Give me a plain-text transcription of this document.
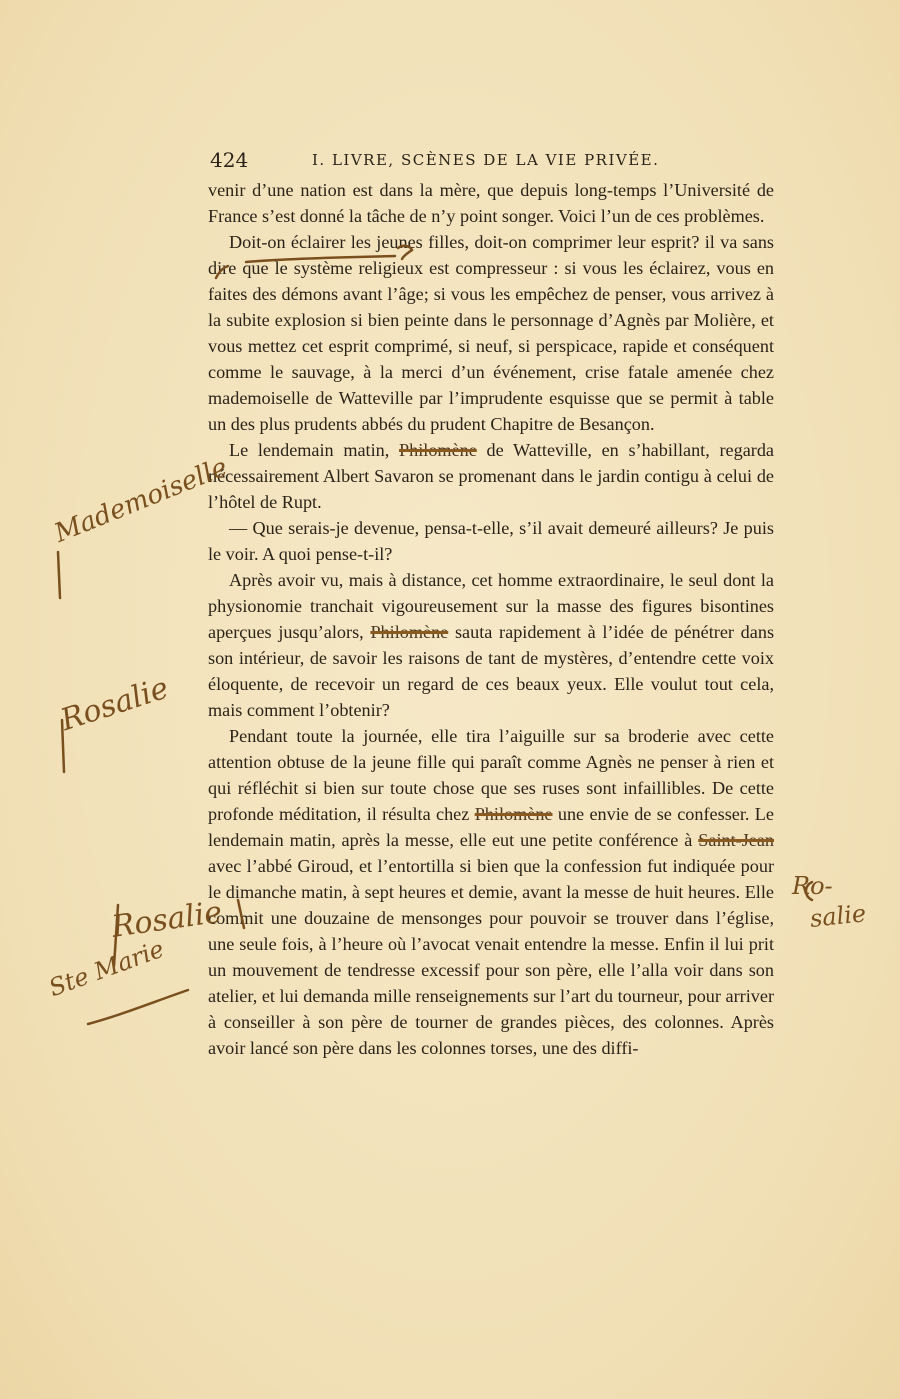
424	I. LIVRE, SCÈNES DE LA VIE PRIVÉE.

venir d’une nation est dans la mère, que depuis long-temps l’Université de France s’est donné la tâche de n’y point songer. Voici l’un de ces problèmes.

Doit-on éclairer les jeunes filles, doit-on comprimer leur esprit? il va sans dire que le système religieux est compresseur : si vous les éclairez, vous en faites des démons avant l’âge; si vous les empêchez de penser, vous arrivez à la subite explosion si bien peinte dans le personnage d’Agnès par Molière, et vous mettez cet esprit comprimé, si neuf, si perspicace, rapide et conséquent comme le sauvage, à la merci d’un événement, crise fatale amenée chez mademoiselle de Watteville par l’imprudente esquisse que se permit à table un des plus prudents abbés du prudent Chapitre de Besançon.

Le lendemain matin, Philomène de Watteville, en s’habillant, regarda nécessairement Albert Savaron se promenant dans le jardin contigu à celui de l’hôtel de Rupt.

— Que serais-je devenue, pensa-t-elle, s’il avait demeuré ailleurs? Je puis le voir. A quoi pense-t-il?

Après avoir vu, mais à distance, cet homme extraordinaire, le seul dont la physionomie tranchait vigoureusement sur la masse des figures bisontines aperçues jusqu’alors, Philomène sauta rapidement à l’idée de pénétrer dans son intérieur, de savoir les raisons de tant de mystères, d’entendre cette voix éloquente, de recevoir un regard de ces beaux yeux. Elle voulut tout cela, mais comment l’obtenir?

Pendant toute la journée, elle tira l’aiguille sur sa broderie avec cette attention obtuse de la jeune fille qui paraît comme Agnès ne penser à rien et qui réfléchit si bien sur toute chose que ses ruses sont infaillibles. De cette profonde méditation, il résulta chez Philomène une envie de se confesser. Le lendemain matin, après la messe, elle eut une petite conférence à Saint-Jean avec l’abbé Giroud, et l’entortilla si bien que la confession fut indiquée pour le dimanche matin, à sept heures et demie, avant la messe de huit heures. Elle commit une douzaine de mensonges pour pouvoir se trouver dans l’église, une seule fois, à l’heure où l’avocat venait entendre la messe. Enfin il lui prit un mouvement de tendresse excessif pour son père, elle l’alla voir dans son atelier, et lui demanda mille renseignements sur l’art du tourneur, pour arriver à conseiller à son père de tourner de grandes pièces, des colonnes. Après avoir lancé son père dans les colonnes torses, une des diffi-

Mademoiselle
Rosalie
Rosalie
Ste Marie
Ro-
salie
